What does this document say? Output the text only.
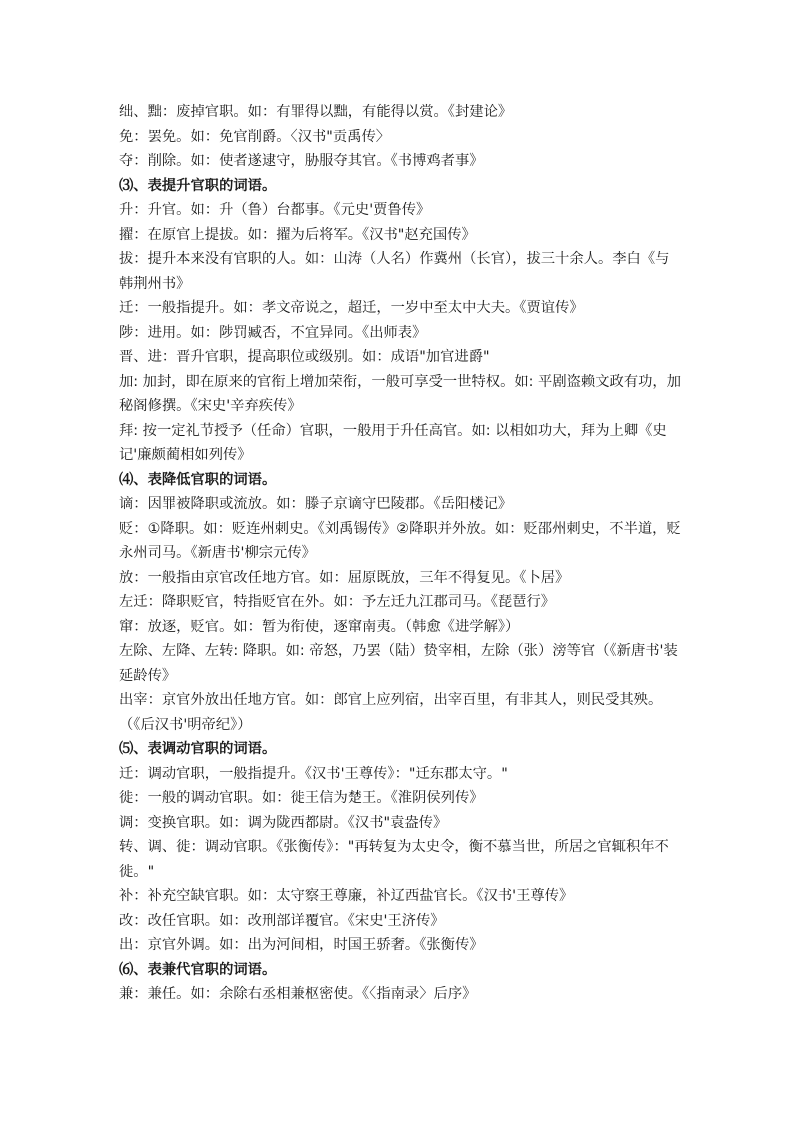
绌、黜：废掉官职。如：有罪得以黜，有能得以赏。《封建论》
免：罢免。如：免官削爵。〈汉书"贡禹传〉
夺：削除。如：使者遂逮守，胁服夺其官。《书博鸡者事》
⑶、表提升官职的词语。
升：升官。如：升（鲁）台都事。《元史'贾鲁传》
擢：在原官上提拔。如：擢为后将军。《汉书"赵充国传》
拔：提升本来没有官职的人。如：山涛（人名）作冀州（长官），拔三十余人。李白《与韩荆州书》
迁：一般指提升。如：孝文帝说之，超迁，一岁中至太中大夫。《贾谊传》
陟：进用。如：陟罚臧否，不宜异同。《出师表》
晋、进：晋升官职，提高职位或级别。如：成语"加官进爵"
加: 加封，即在原来的官衔上增加荣衔，一般可享受一世特权。如: 平剧盗赖文政有功，加秘阁修撰。《宋史'辛弃疾传》
拜: 按一定礼节授予（任命）官职，一般用于升任高官。如: 以相如功大，拜为上卿《史记'廉颇蔺相如列传》
⑷、表降低官职的词语。
谪：因罪被降职或流放。如：滕子京谪守巴陵郡。《岳阳楼记》
贬：①降职。如：贬连州刺史。《刘禹锡传》②降职并外放。如：贬邵州刺史，不半道，贬永州司马。《新唐书'柳宗元传》
放：一般指由京官改任地方官。如：屈原既放，三年不得复见。《卜居》
左迁：降职贬官，特指贬官在外。如：予左迁九江郡司马。《琵琶行》
窜：放逐，贬官。如：暂为衔使，逐窜南夷。（韩愈《进学解》）
左除、左降、左转: 降职。如: 帝怒，乃罢（陆）贽宰相，左除（张）滂等官（《新唐书'装延龄传》
出宰：京官外放出任地方官。如：郎官上应列宿，出宰百里，有非其人，则民受其殃。
（《后汉书'明帝纪》）
⑸、表调动官职的词语。
迁：调动官职，一般指提升。《汉书'王尊传》："迁东郡太守。"
徙：一般的调动官职。如：徙王信为楚王。《淮阴侯列传》
调：变换官职。如：调为陇西都尉。《汉书"袁盎传》
转、调、徙：调动官职。《张衡传》："再转复为太史令，衡不慕当世，所居之官辄积年不徙。"
补：补充空缺官职。如：太守察王尊廉，补辽西盐官长。《汉书'王尊传》
改：改任官职。如：改刑部详覆官。《宋史'王济传》
出：京官外调。如：出为河间相，时国王骄奢。《张衡传》
⑹、表兼代官职的词语。
兼：兼任。如：余除右丞相兼枢密使。《〈指南录〉后序》
